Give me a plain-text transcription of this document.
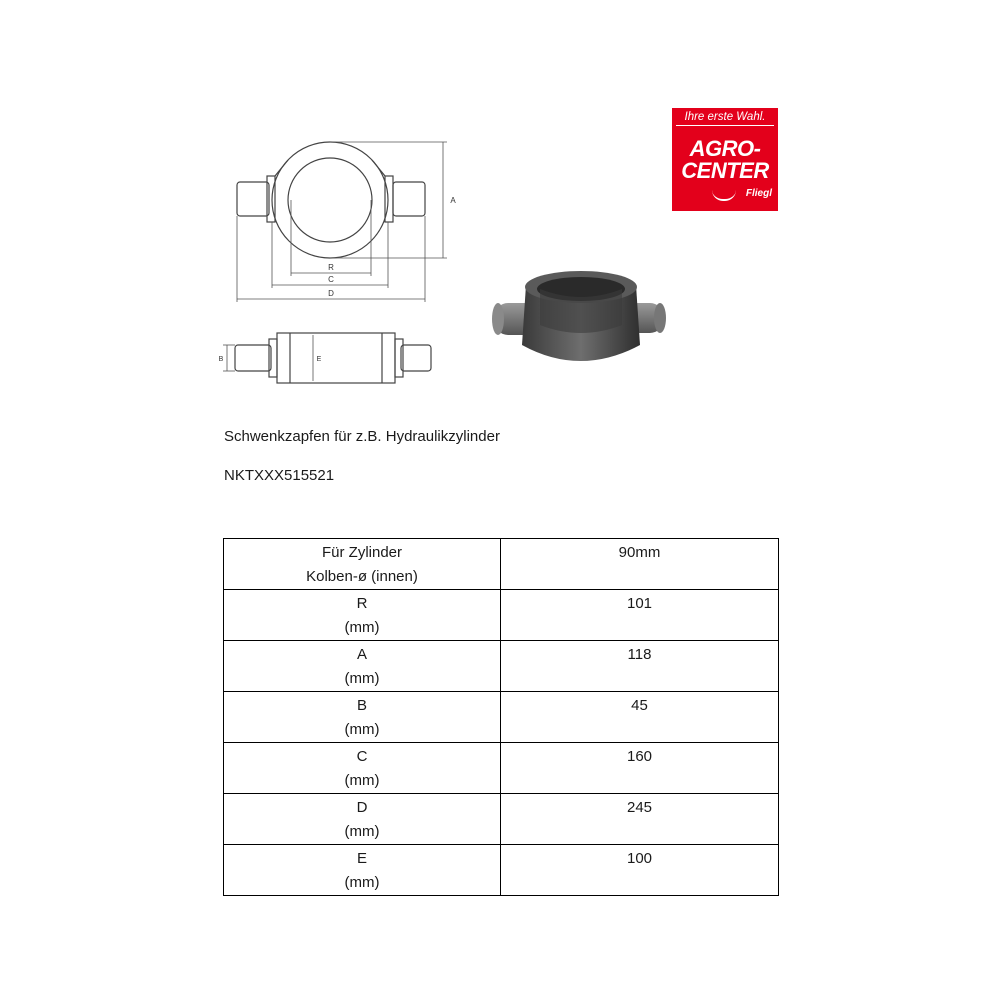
A
R
C
D
B	E
Ihre erste Wahl.
AGRO-
CENTER
Fliegl
Schwenkzapfen für z.B. Hydraulikzylinder
NKTXXX515521
Für Zylinder
Kolben-ø (innen)	90mm

R
(mm)	101

A
(mm)	118

B
(mm)	45

C
(mm)	160

D
(mm)	245

E
(mm)	100
